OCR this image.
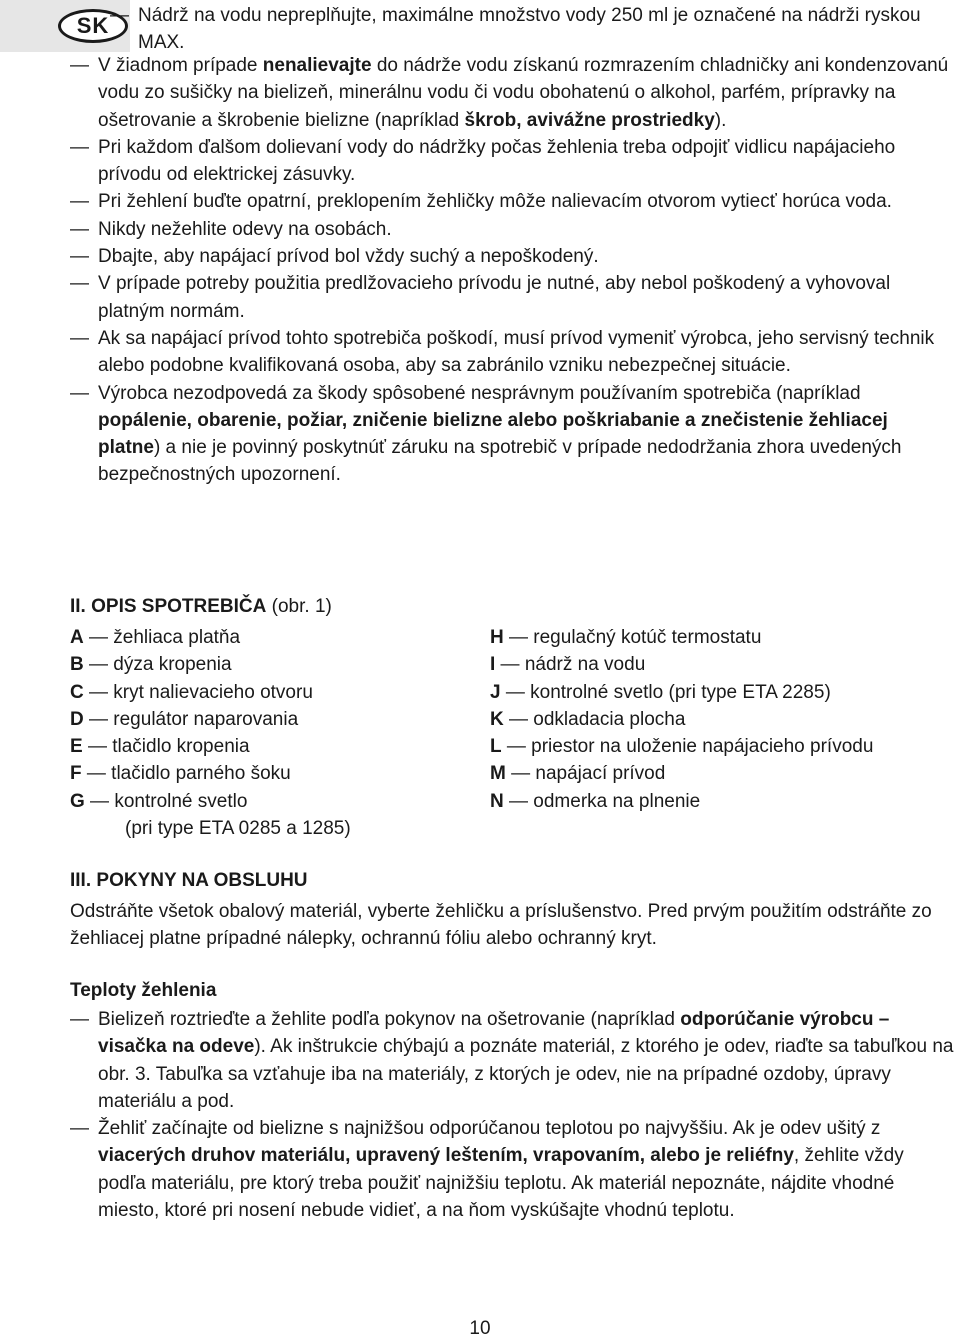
SK — Nádrž na vodu nepreplňujte, maximálne množstvo vody 250 ml je označené na nádrži ryskou MAX.
— V žiadnom prípade nenalievajte do nádrže vodu získanú rozmrazením chladničky ani kondenzovanú vodu zo sušičky na bielizeň, minerálnu vodu či vodu obohatenú o alkohol, parfém, prípravky na ošetrovanie a škrobenie bielizne (napríklad škrob, avivážne prostriedky).
— Pri každom ďalšom dolievaní vody do nádržky počas žehlenia treba odpojiť vidlicu napájacieho prívodu od elektrickej zásuvky.
— Pri žehlení buďte opatrní, preklopením žehličky môže nalievacím otvorom vytiecť horúca voda.
— Nikdy nežehlite odevy na osobách.
— Dbajte, aby napájací prívod bol vždy suchý a nepoškodený.
— V prípade potreby použitia predlžovacieho prívodu je nutné, aby nebol poškodený a vyhovoval platným normám.
— Ak sa napájací prívod tohto spotrebiča poškodí, musí prívod vymeniť výrobca, jeho servisný technik alebo podobne kvalifikovaná osoba, aby sa zabránilo vzniku nebezpečnej situácie.
— Výrobca nezodpovedá za škody spôsobené nesprávnym používaním spotrebiča (napríklad popálenie, obarenie, požiar, zničenie bielizne alebo poškriabanie a znečistenie žehliacej platne) a nie je povinný poskytnúť záruku na spotrebič v prípade nedodržania zhora uvedených bezpečnostných upozornení.
II. OPIS SPOTREBIČA (obr. 1)
A — žehliaca platňa
B — dýza kropenia
C — kryt nalievacieho otvoru
D — regulátor naparovania
E — tlačidlo kropenia
F — tlačidlo parného šoku
G — kontrolné svetlo
(pri type ETA 0285 a 1285)
H — regulačný kotúč termostatu
I — nádrž na vodu
J — kontrolné svetlo (pri type ETA 2285)
K — odkladacia plocha
L — priestor na uloženie napájacieho prívodu
M — napájací prívod
N — odmerka na plnenie
III. POKYNY NA OBSLUHU
Odstráňte všetok obalový materiál, vyberte žehličku a príslušenstvo. Pred prvým použitím odstráňte zo žehliacej platne prípadné nálepky, ochrannú fóliu alebo ochranný kryt.
Teploty žehlenia
— Bielizeň roztrieďte a žehlite podľa pokynov na ošetrovanie (napríklad odporúčanie výrobcu – visačka na odeve). Ak inštrukcie chýbajú a poznáte materiál, z ktorého je odev, riaďte sa tabuľkou na obr. 3. Tabuľka sa vzťahuje iba na materiály, z ktorých je odev, nie na prípadné ozdoby, úpravy materiálu a pod.
— Žehliť začínajte od bielizne s najnižšou odporúčanou teplotou po najvyššiu. Ak je odev ušitý z viacerých druhov materiálu, upravený leštením, vrapovaním, alebo je reliéfny, žehlite vždy podľa materiálu, pre ktorý treba použiť najnižšiu teplotu. Ak materiál nepoznáte, nájdite vhodné miesto, ktoré pri nosení nebude vidieť, a na ňom vyskúšajte vhodnú teplotu.
10
